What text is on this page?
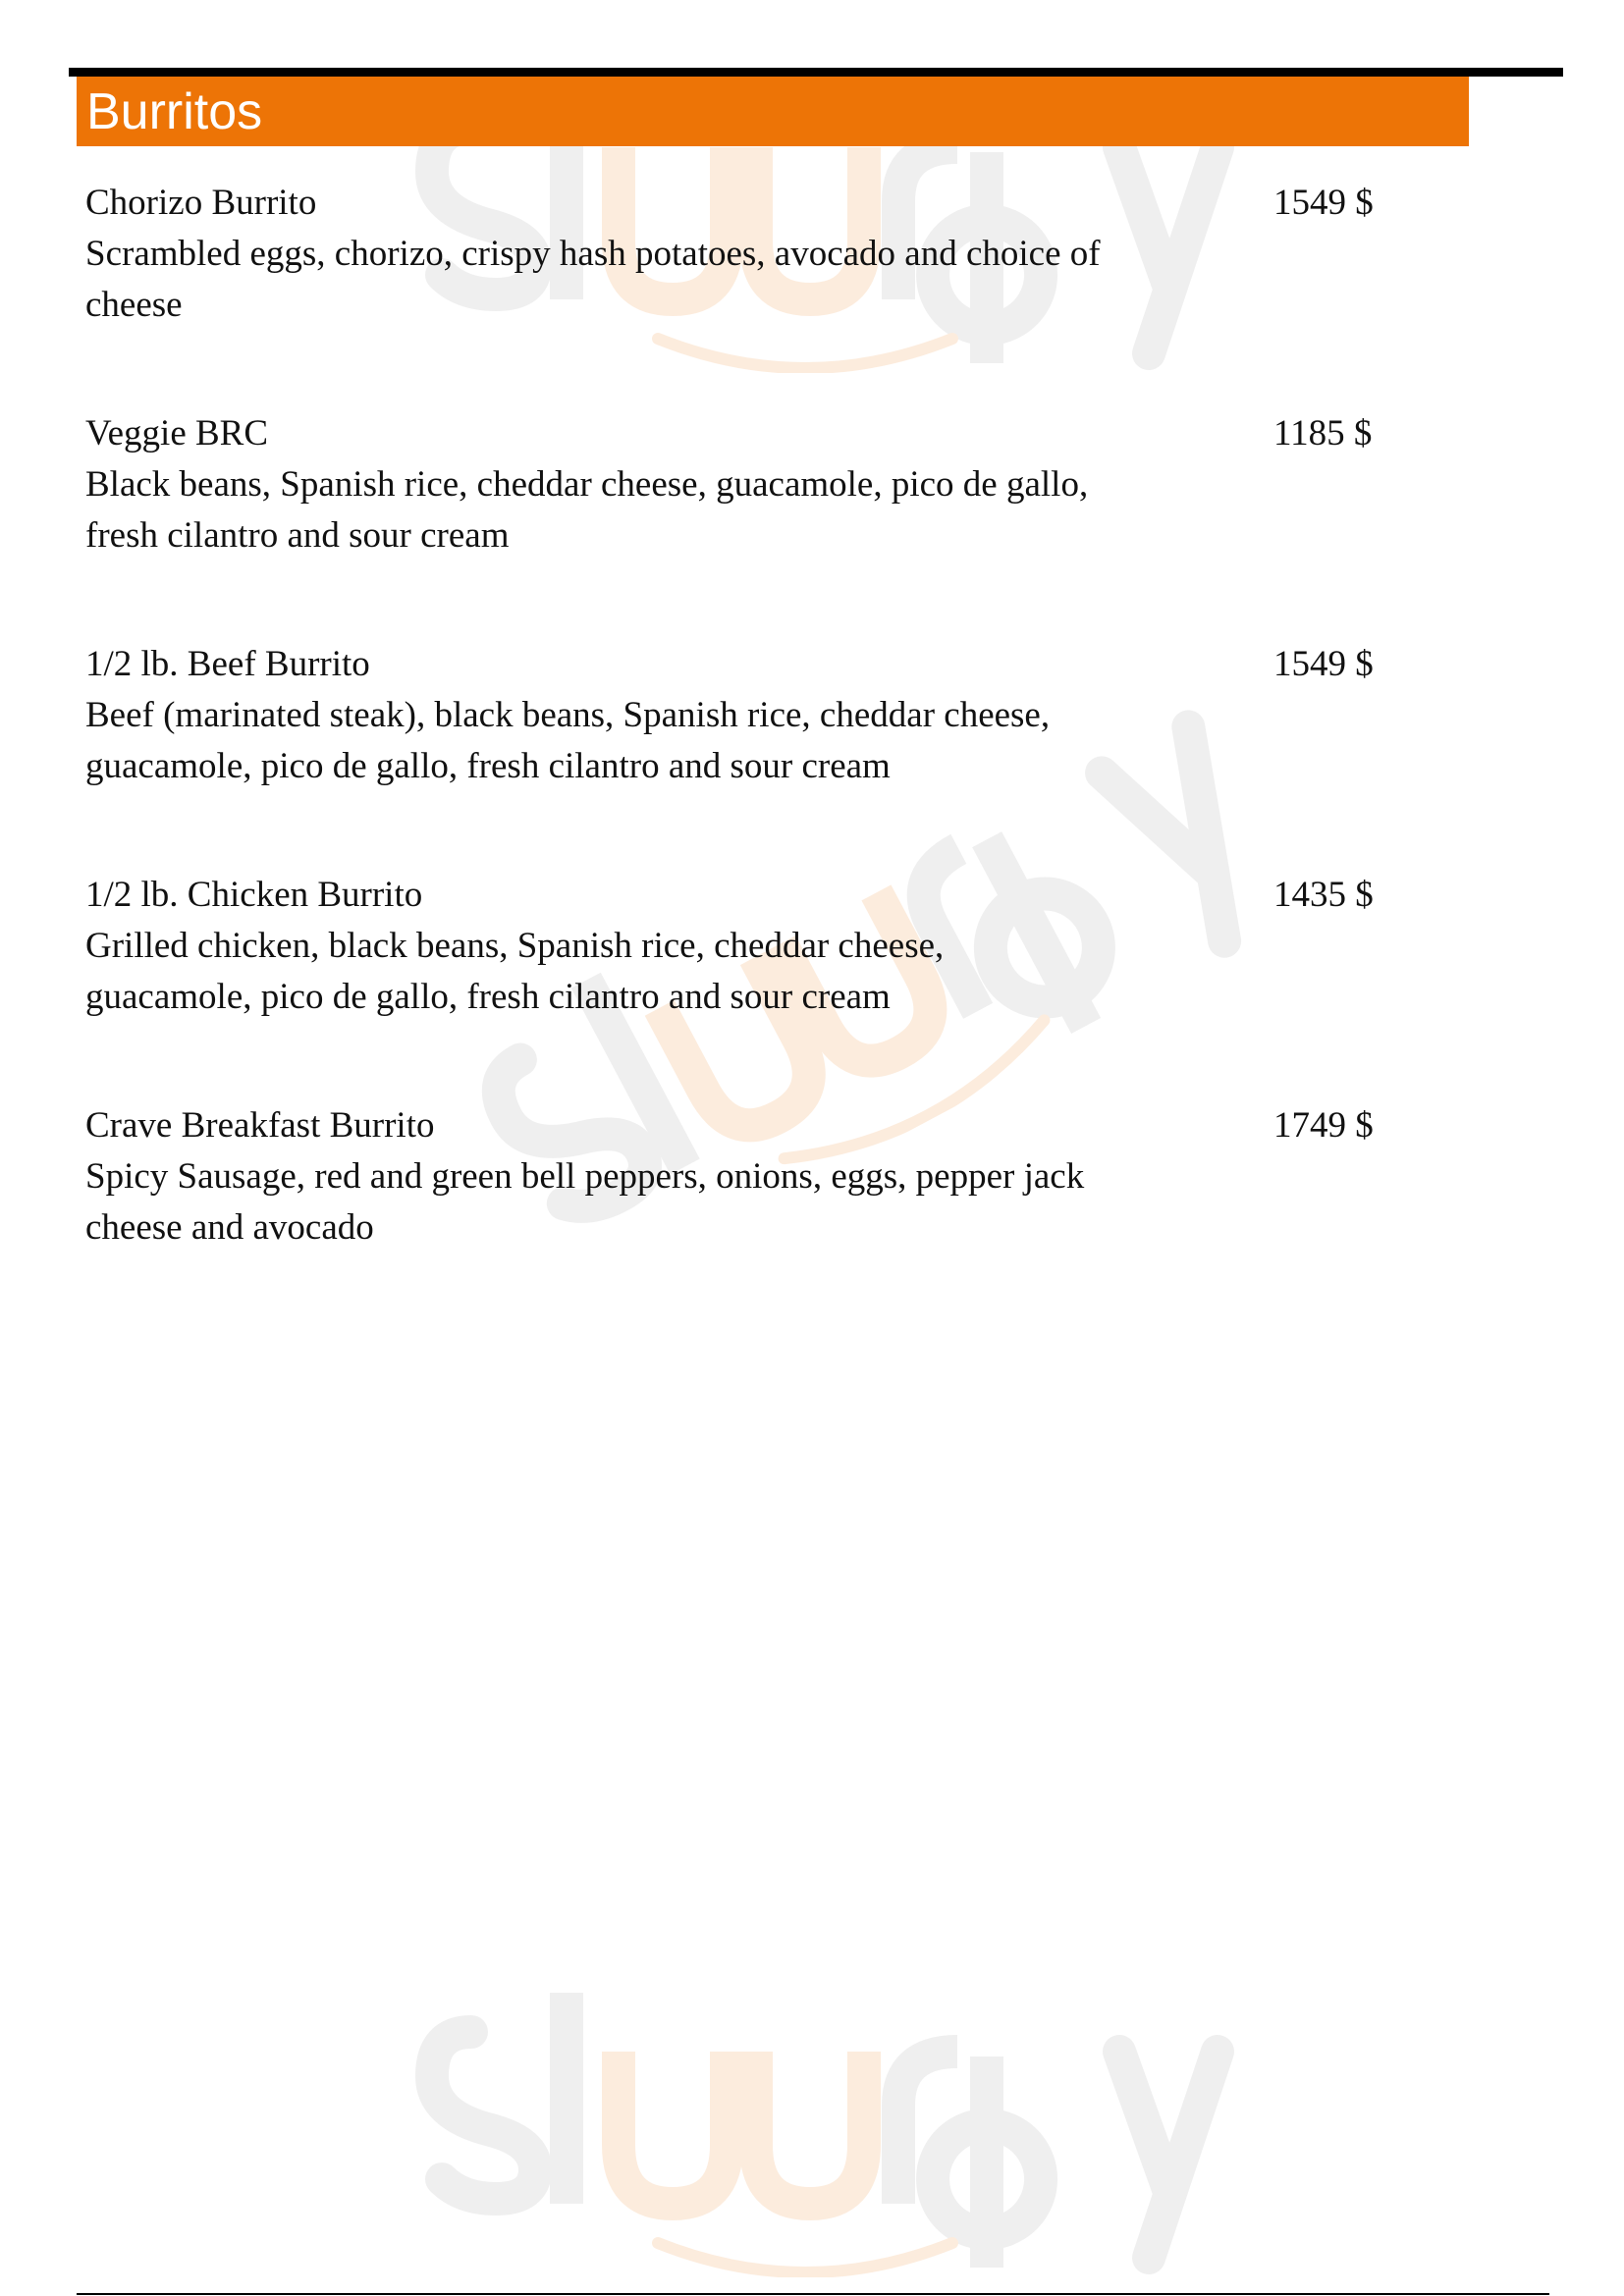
Burritos
Chorizo Burrito	1549 $
Scrambled eggs, chorizo, crispy hash potatoes, avocado and choice of
cheese
Veggie BRC	1185 $
Black beans, Spanish rice, cheddar cheese, guacamole, pico de gallo,
fresh cilantro and sour cream
1/2 lb. Beef Burrito	1549 $
Beef (marinated steak), black beans, Spanish rice, cheddar cheese,
guacamole, pico de gallo, fresh cilantro and sour cream
1/2 lb. Chicken Burrito	1435 $
Grilled chicken, black beans, Spanish rice, cheddar cheese,
guacamole, pico de gallo, fresh cilantro and sour cream
Crave Breakfast Burrito	1749 $
Spicy Sausage, red and green bell peppers, onions, eggs, pepper jack
cheese and avocado
